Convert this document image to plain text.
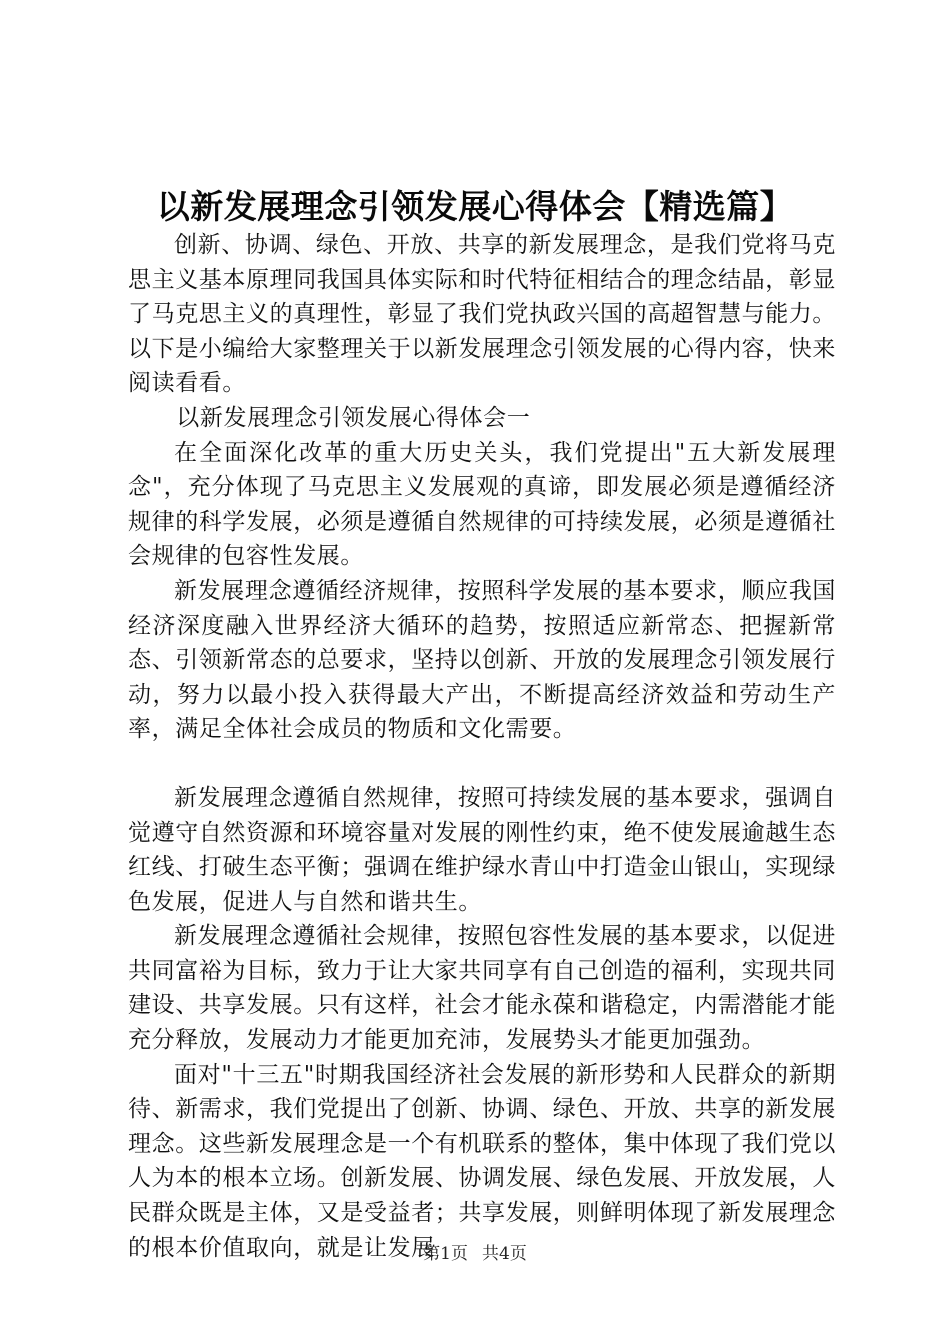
以新发展理念引领发展心得体会【精选篇】

创新、协调、绿色、开放、共享的新发展理念，是我们党将马克思主义基本原理同我国具体实际和时代特征相结合的理念结晶，彰显了马克思主义的真理性，彰显了我们党执政兴国的高超智慧与能力。以下是小编给大家整理关于以新发展理念引领发展的心得内容，快来阅读看看。

以新发展理念引领发展心得体会一

在全面深化改革的重大历史关头，我们党提出"五大新发展理念"，充分体现了马克思主义发展观的真谛，即发展必须是遵循经济规律的科学发展，必须是遵循自然规律的可持续发展，必须是遵循社会规律的包容性发展。

新发展理念遵循经济规律，按照科学发展的基本要求，顺应我国经济深度融入世界经济大循环的趋势，按照适应新常态、把握新常态、引领新常态的总要求，坚持以创新、开放的发展理念引领发展行动，努力以最小投入获得最大产出，不断提高经济效益和劳动生产率，满足全体社会成员的物质和文化需要。

新发展理念遵循自然规律，按照可持续发展的基本要求，强调自觉遵守自然资源和环境容量对发展的刚性约束，绝不使发展逾越生态红线、打破生态平衡；强调在维护绿水青山中打造金山银山，实现绿色发展，促进人与自然和谐共生。

新发展理念遵循社会规律，按照包容性发展的基本要求，以促进共同富裕为目标，致力于让大家共同享有自己创造的福利，实现共同建设、共享发展。只有这样，社会才能永葆和谐稳定，内需潜能才能充分释放，发展动力才能更加充沛，发展势头才能更加强劲。

面对"十三五"时期我国经济社会发展的新形势和人民群众的新期待、新需求，我们党提出了创新、协调、绿色、开放、共享的新发展理念。这些新发展理念是一个有机联系的整体，集中体现了我们党以人为本的根本立场。创新发展、协调发展、绿色发展、开放发展，人民群众既是主体，又是受益者；共享发展，则鲜明体现了新发展理念的根本价值取向，就是让发展

第1页 共4页
